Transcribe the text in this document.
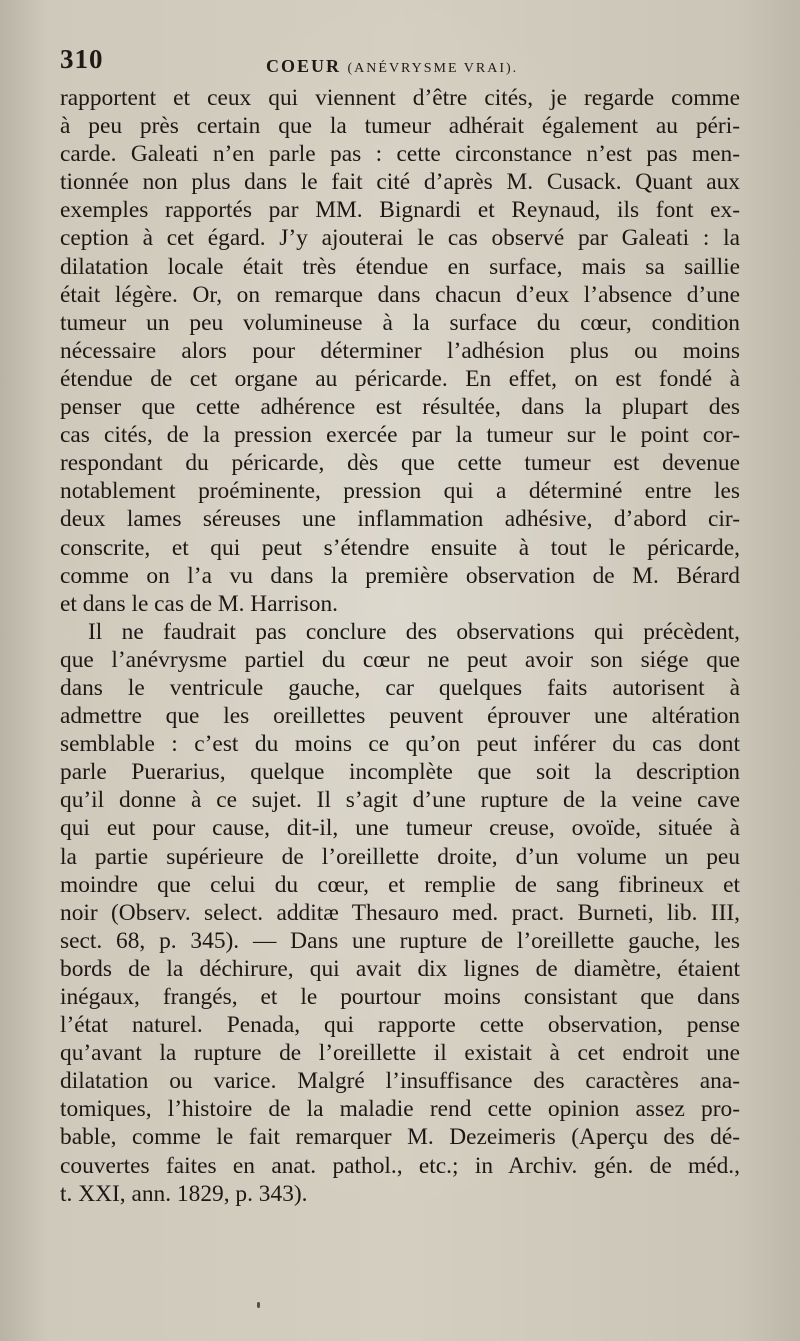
310	COEUR (ANÉVRYSME VRAI).
rapportent et ceux qui viennent d’être cités, je regarde comme
à peu près certain que la tumeur adhérait également au péri-
carde. Galeati n’en parle pas : cette circonstance n’est pas men-
tionnée non plus dans le fait cité d’après M. Cusack. Quant aux
exemples rapportés par MM. Bignardi et Reynaud, ils font ex-
ception à cet égard. J’y ajouterai le cas observé par Galeati : la
dilatation locale était très étendue en surface, mais sa saillie
était légère. Or, on remarque dans chacun d’eux l’absence d’une
tumeur un peu volumineuse à la surface du cœur, condition
nécessaire alors pour déterminer l’adhésion plus ou moins
étendue de cet organe au péricarde. En effet, on est fondé à
penser que cette adhérence est résultée, dans la plupart des
cas cités, de la pression exercée par la tumeur sur le point cor-
respondant du péricarde, dès que cette tumeur est devenue
notablement proéminente, pression qui a déterminé entre les
deux lames séreuses une inflammation adhésive, d’abord cir-
conscrite, et qui peut s’étendre ensuite à tout le péricarde,
comme on l’a vu dans la première observation de M. Bérard
et dans le cas de M. Harrison.
Il ne faudrait pas conclure des observations qui précèdent,
que l’anévrysme partiel du cœur ne peut avoir son siége que
dans le ventricule gauche, car quelques faits autorisent à
admettre que les oreillettes peuvent éprouver une altération
semblable : c’est du moins ce qu’on peut inférer du cas dont
parle Puerarius, quelque incomplète que soit la description
qu’il donne à ce sujet. Il s’agit d’une rupture de la veine cave
qui eut pour cause, dit-il, une tumeur creuse, ovoïde, située à
la partie supérieure de l’oreillette droite, d’un volume un peu
moindre que celui du cœur, et remplie de sang fibrineux et
noir (Observ. select. additæ Thesauro med. pract. Burneti, lib. III,
sect. 68, p. 345). — Dans une rupture de l’oreillette gauche, les
bords de la déchirure, qui avait dix lignes de diamètre, étaient
inégaux, frangés, et le pourtour moins consistant que dans
l’état naturel. Penada, qui rapporte cette observation, pense
qu’avant la rupture de l’oreillette il existait à cet endroit une
dilatation ou varice. Malgré l’insuffisance des caractères ana-
tomiques, l’histoire de la maladie rend cette opinion assez pro-
bable, comme le fait remarquer M. Dezeimeris (Aperçu des dé-
couvertes faites en anat. pathol., etc.; in Archiv. gén. de méd.,
t. XXI, ann. 1829, p. 343).
